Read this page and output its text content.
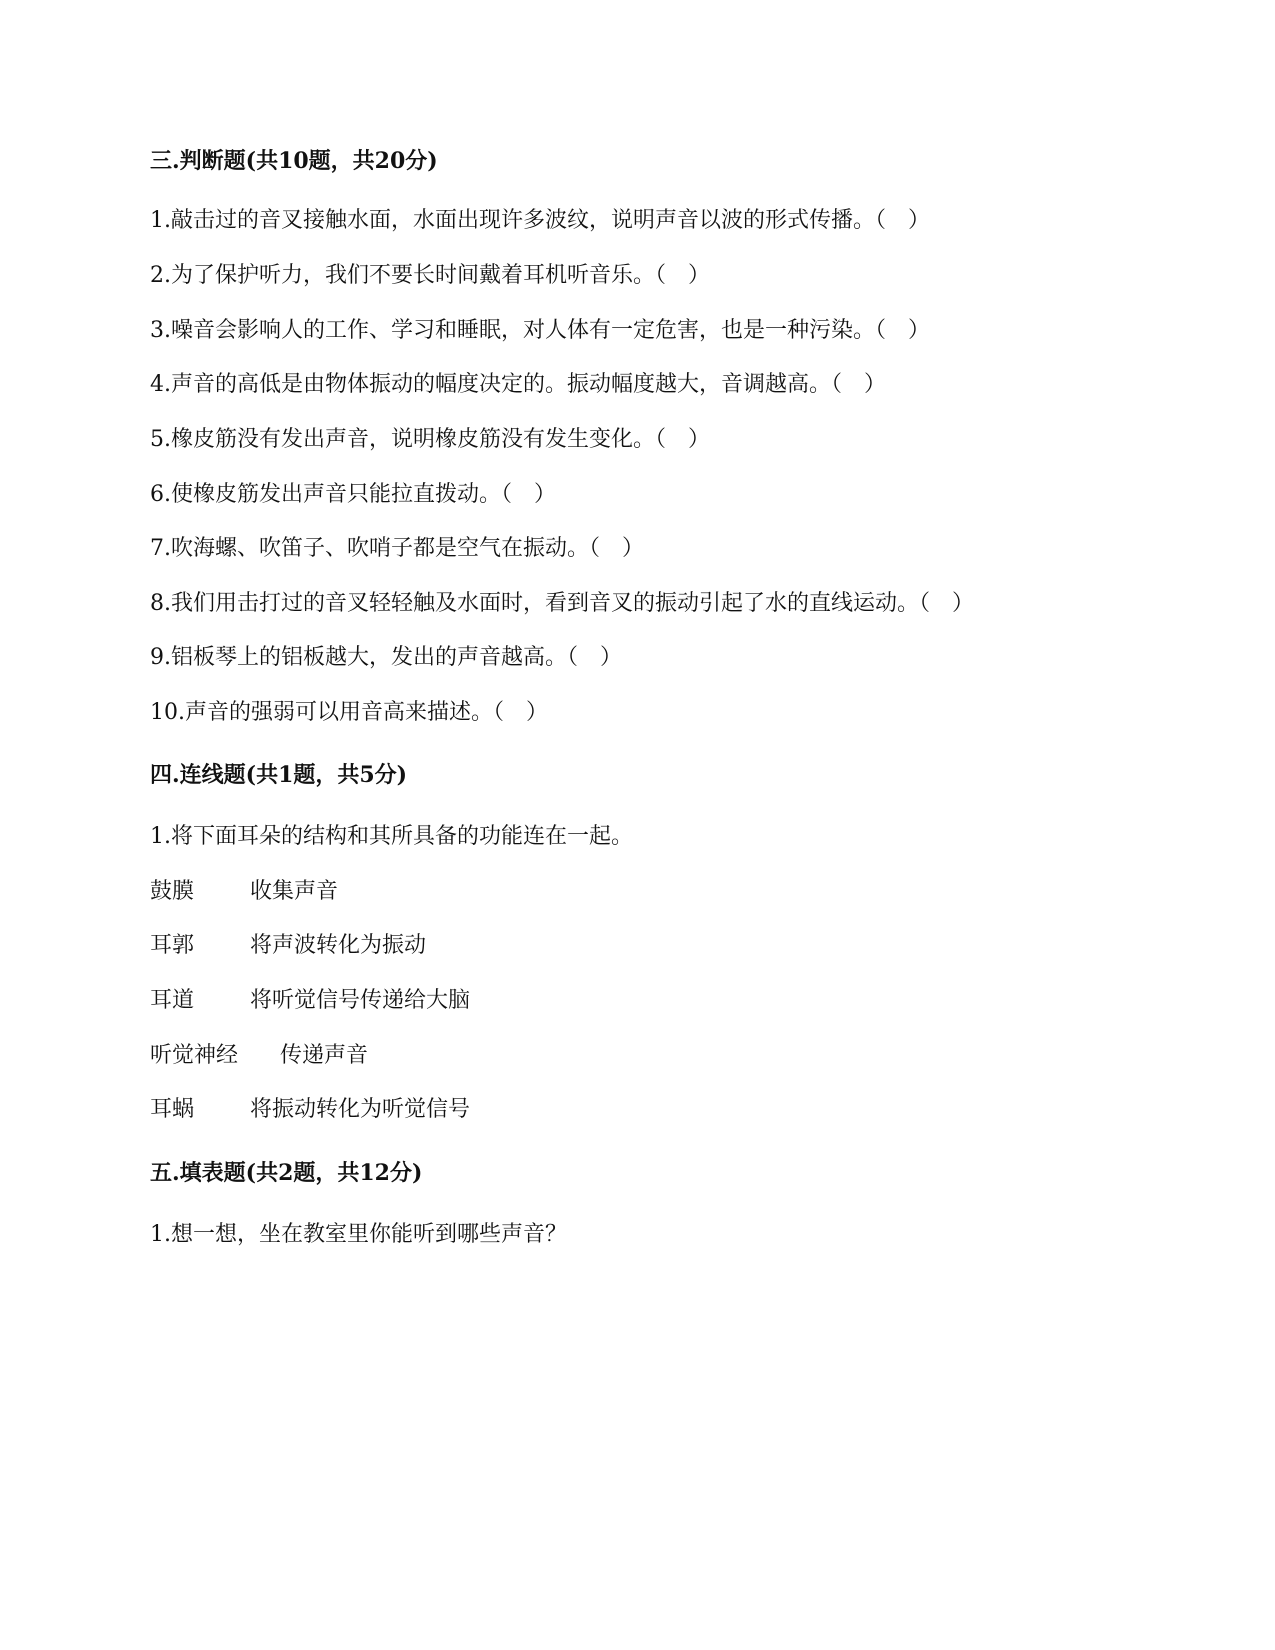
三.判断题(共10题，共20分)
1.敲击过的音叉接触水面，水面出现许多波纹，说明声音以波的形式传播。（　）
2.为了保护听力，我们不要长时间戴着耳机听音乐。（　）
3.噪音会影响人的工作、学习和睡眠，对人体有一定危害，也是一种污染。（　）
4.声音的高低是由物体振动的幅度决定的。振动幅度越大，音调越高。（　）
5.橡皮筋没有发出声音，说明橡皮筋没有发生变化。（　）
6.使橡皮筋发出声音只能拉直拨动。（　）
7.吹海螺、吹笛子、吹哨子都是空气在振动。（　）
8.我们用击打过的音叉轻轻触及水面时，看到音叉的振动引起了水的直线运动。（　）
9.铝板琴上的铝板越大，发出的声音越高。（　）
10.声音的强弱可以用音高来描述。（　）
四.连线题(共1题，共5分)
1.将下面耳朵的结构和其所具备的功能连在一起。
鼓膜	收集声音
耳郭	将声波转化为振动
耳道	将听觉信号传递给大脑
听觉神经 传递声音
耳蜗	将振动转化为听觉信号
五.填表题(共2题，共12分)
1.想一想，坐在教室里你能听到哪些声音？
